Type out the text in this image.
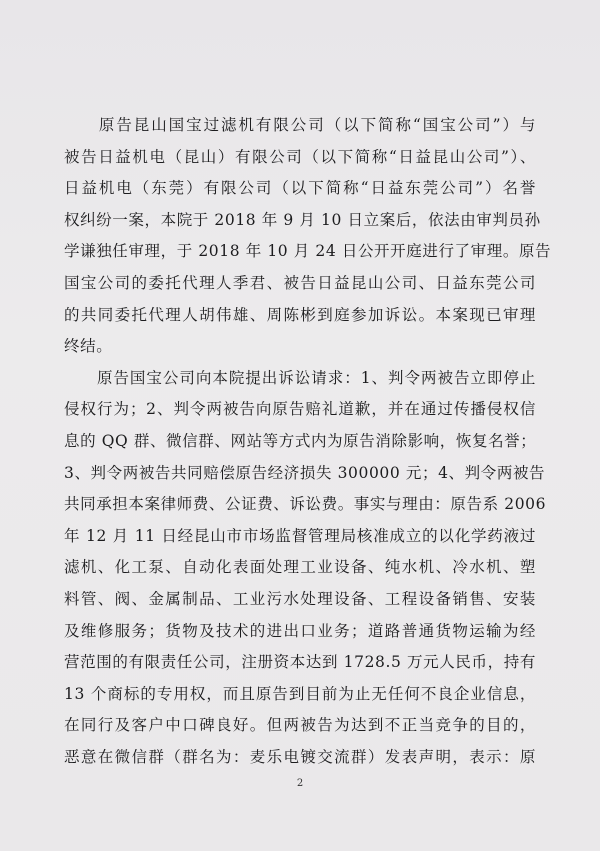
　　原告昆山国宝过滤机有限公司（以下简称“国宝公司”）与
被告日益机电（昆山）有限公司（以下简称“日益昆山公司”）、
日益机电（东莞）有限公司（以下简称“日益东莞公司”）名誉
权纠纷一案，本院于 2018 年 9 月 10 日立案后，依法由审判员孙
学谦独任审理，于 2018 年 10 月 24 日公开开庭进行了审理。原告
国宝公司的委托代理人季君、被告日益昆山公司、日益东莞公司
的共同委托代理人胡伟雄、周陈彬到庭参加诉讼。本案现已审理
终结。

　　原告国宝公司向本院提出诉讼请求：1、判令两被告立即停止
侵权行为；2、判令两被告向原告赔礼道歉，并在通过传播侵权信
息的 QQ 群、微信群、网站等方式内为原告消除影响，恢复名誉；
3、判令两被告共同赔偿原告经济损失 300000 元；4、判令两被告
共同承担本案律师费、公证费、诉讼费。事实与理由：原告系 2006
年 12 月 11 日经昆山市市场监督管理局核准成立的以化学药液过
滤机、化工泵、自动化表面处理工业设备、纯水机、冷水机、塑
料管、阀、金属制品、工业污水处理设备、工程设备销售、安装
及维修服务；货物及技术的进出口业务；道路普通货物运输为经
营范围的有限责任公司，注册资本达到 1728.5 万元人民币，持有
13 个商标的专用权，而且原告到目前为止无任何不良企业信息，
在同行及客户中口碑良好。但两被告为达到不正当竞争的目的，
恶意在微信群（群名为：麦乐电镀交流群）发表声明，表示：原

2
